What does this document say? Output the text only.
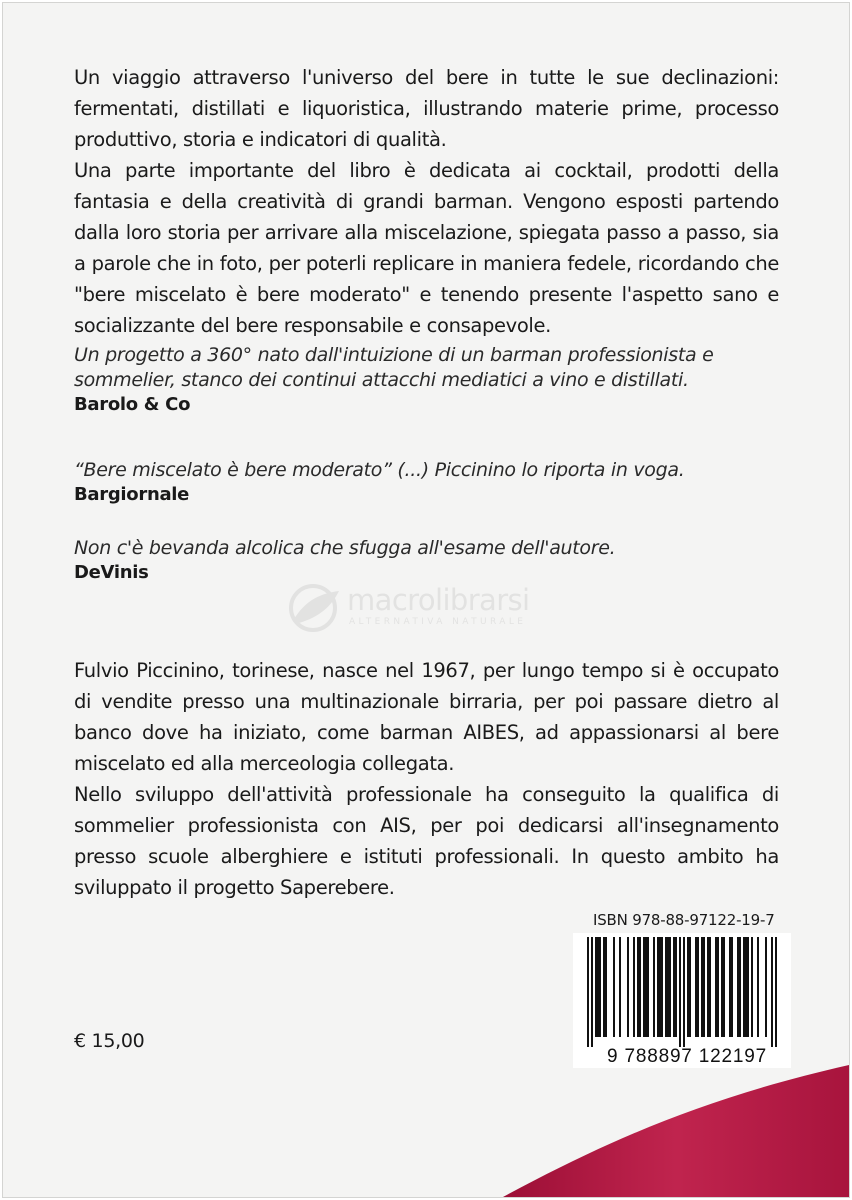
Un viaggio attraverso l'universo del bere in tutte le sue declinazioni: fermentati, distillati e liquoristica, illustrando materie prime, processo produttivo, storia e indicatori di qualità.

Una parte importante del libro è dedicata ai cocktail, prodotti della fantasia e della creatività di grandi barman. Vengono esposti partendo dalla loro storia per arrivare alla miscelazione, spiegata passo a passo, sia a parole che in foto, per poterli replicare in maniera fedele, ricordando che "bere miscelato è bere moderato" e tenendo presente l'aspetto sano e socializzante del bere responsabile e consapevole.

Un progetto a 360° nato dall'intuizione di un barman professionista e sommelier, stanco dei continui attacchi mediatici a vino e distillati.
Barolo & Co
“Bere miscelato è bere moderato” (...) Piccinino lo riporta in voga.
Bargiornale
Non c'è bevanda alcolica che sfugga all'esame dell'autore.
DeVinis
macrolibrarsi
ALTERNATIVA NATURALE

Fulvio Piccinino, torinese, nasce nel 1967, per lungo tempo si è occupato di vendite presso una multinazionale birraria, per poi passare dietro al banco dove ha iniziato, come barman AIBES, ad appassionarsi al bere miscelato ed alla merceologia collegata.

Nello sviluppo dell'attività professionale ha conseguito la qualifica di sommelier professionista con AIS, per poi dedicarsi all'insegnamento presso scuole alberghiere e istituti professionali. In questo ambito ha sviluppato il progetto Saperebere.

ISBN 978-88-97122-19-7
9 788897 122197
€ 15,00
